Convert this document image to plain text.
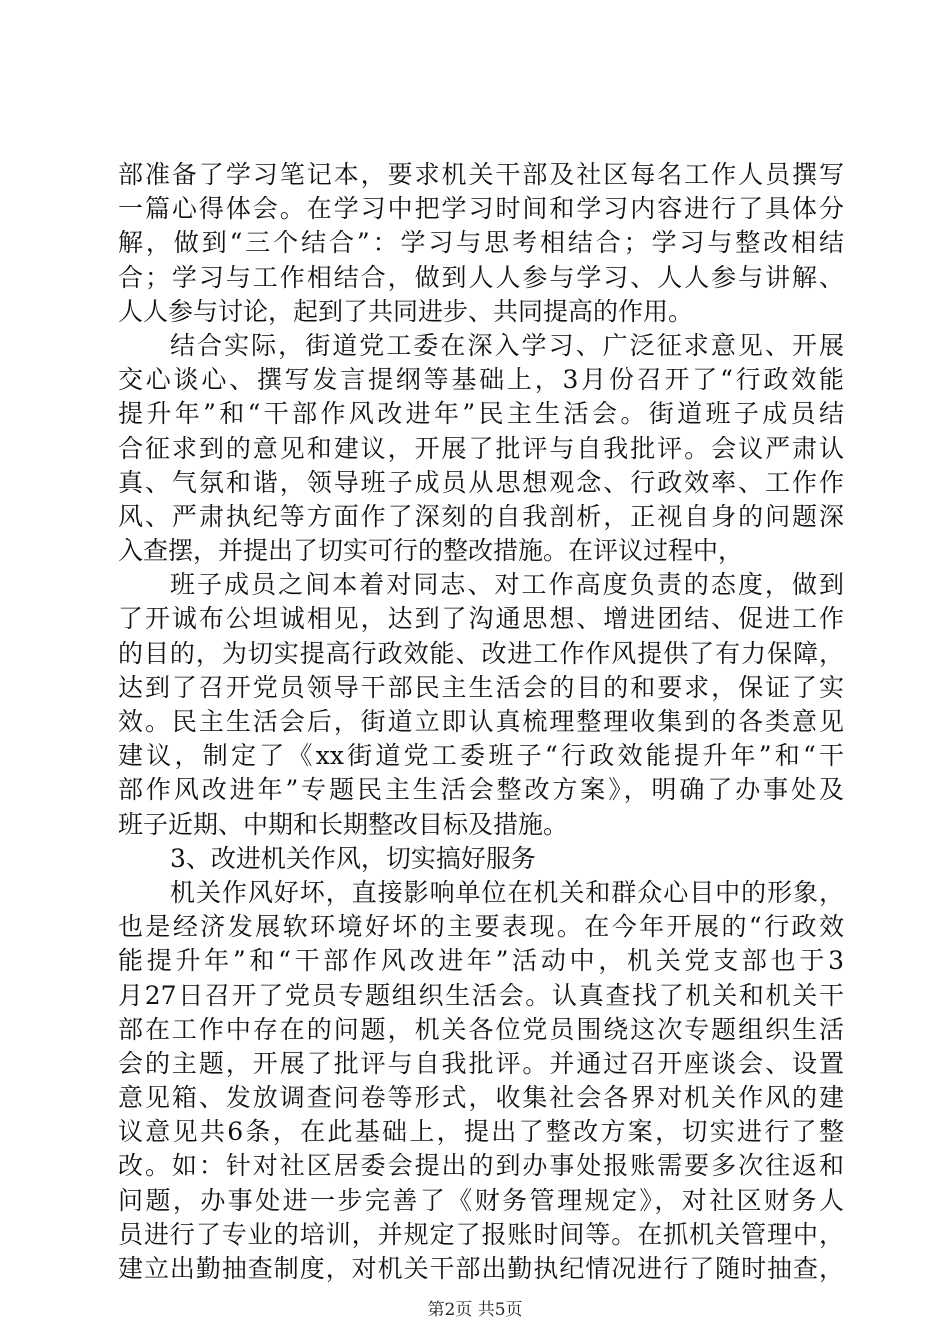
部准备了学习笔记本，要求机关干部及社区每名工作人员撰写
一篇心得体会。在学习中把学习时间和学习内容进行了具体分
解，做到“三个结合”：学习与思考相结合；学习与整改相结
合；学习与工作相结合，做到人人参与学习、人人参与讲解、
人人参与讨论，起到了共同进步、共同提高的作用。
结合实际，街道党工委在深入学习、广泛征求意见、开展
交心谈心、撰写发言提纲等基础上，3月份召开了“行政效能
提升年”和“干部作风改进年”民主生活会。街道班子成员结
合征求到的意见和建议，开展了批评与自我批评。会议严肃认
真、气氛和谐，领导班子成员从思想观念、行政效率、工作作
风、严肃执纪等方面作了深刻的自我剖析，正视自身的问题深
入查摆，并提出了切实可行的整改措施。在评议过程中，
班子成员之间本着对同志、对工作高度负责的态度，做到
了开诚布公坦诚相见，达到了沟通思想、增进团结、促进工作
的目的，为切实提高行政效能、改进工作作风提供了有力保障，
达到了召开党员领导干部民主生活会的目的和要求，保证了实
效。民主生活会后，街道立即认真梳理整理收集到的各类意见
建议，制定了《xx街道党工委班子“行政效能提升年”和“干
部作风改进年”专题民主生活会整改方案》，明确了办事处及
班子近期、中期和长期整改目标及措施。
3、改进机关作风，切实搞好服务
机关作风好坏，直接影响单位在机关和群众心目中的形象，
也是经济发展软环境好坏的主要表现。在今年开展的“行政效
能提升年”和“干部作风改进年”活动中，机关党支部也于3
月27日召开了党员专题组织生活会。认真查找了机关和机关干
部在工作中存在的问题，机关各位党员围绕这次专题组织生活
会的主题，开展了批评与自我批评。并通过召开座谈会、设置
意见箱、发放调查问卷等形式，收集社会各界对机关作风的建
议意见共6条，在此基础上，提出了整改方案，切实进行了整
改。如：针对社区居委会提出的到办事处报账需要多次往返和
问题，办事处进一步完善了《财务管理规定》，对社区财务人
员进行了专业的培训，并规定了报账时间等。在抓机关管理中，
建立出勤抽查制度，对机关干部出勤执纪情况进行了随时抽查，
第2页 共5页
